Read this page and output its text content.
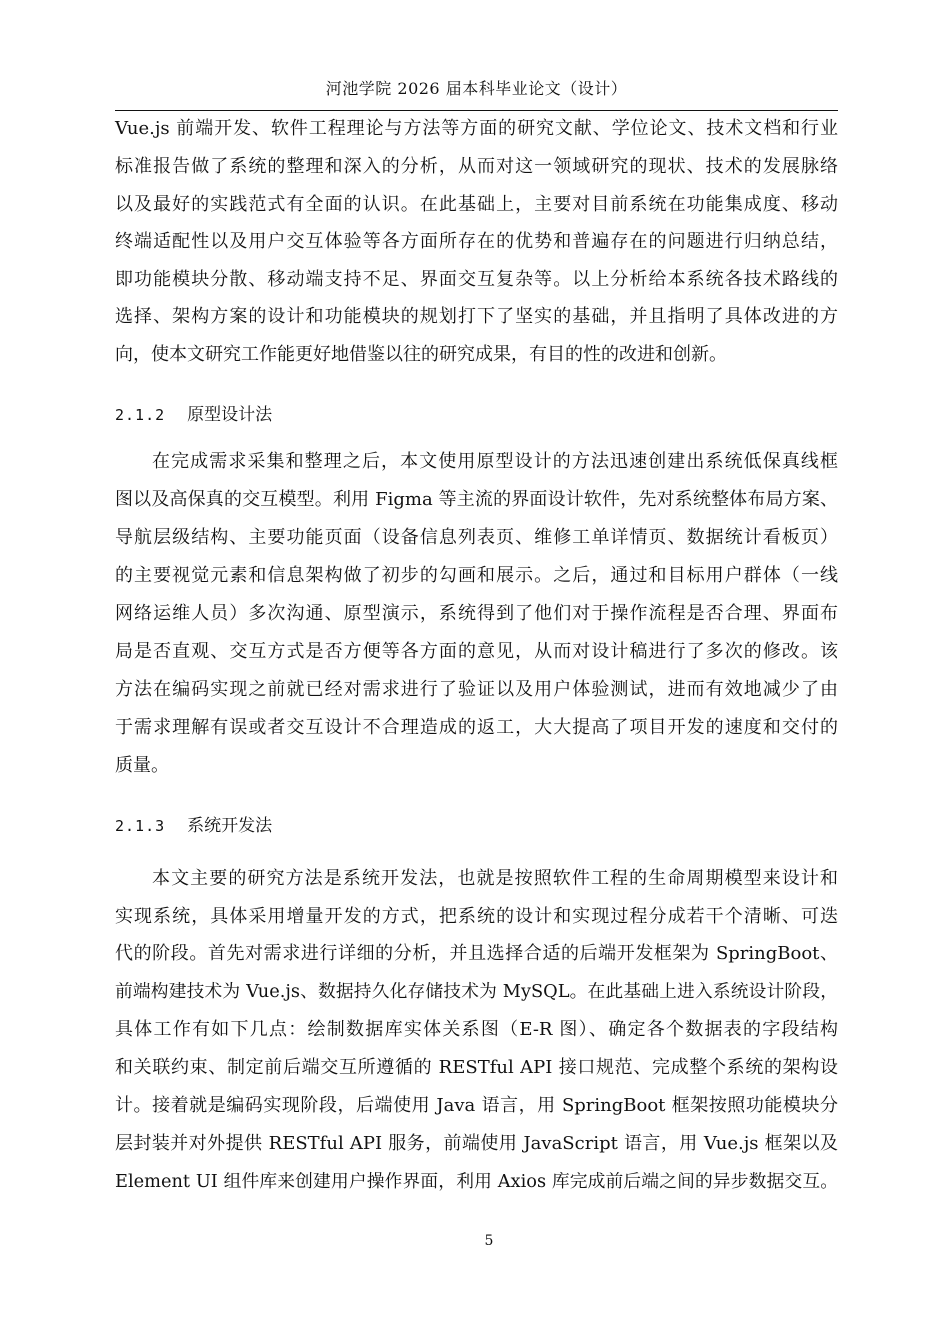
河池学院 2026 届本科毕业论文（设计）
Vue.js 前端开发、软件工程理论与方法等方面的研究文献、学位论文、技术文档和行业
标准报告做了系统的整理和深入的分析，从而对这一领域研究的现状、技术的发展脉络
以及最好的实践范式有全面的认识。在此基础上，主要对目前系统在功能集成度、移动
终端适配性以及用户交互体验等各方面所存在的优势和普遍存在的问题进行归纳总结，
即功能模块分散、移动端支持不足、界面交互复杂等。以上分析给本系统各技术路线的
选择、架构方案的设计和功能模块的规划打下了坚实的基础，并且指明了具体改进的方
向，使本文研究工作能更好地借鉴以往的研究成果，有目的性的改进和创新。
2.1.2 原型设计法
在完成需求采集和整理之后，本文使用原型设计的方法迅速创建出系统低保真线框
图以及高保真的交互模型。利用 Figma 等主流的界面设计软件，先对系统整体布局方案、
导航层级结构、主要功能页面（设备信息列表页、维修工单详情页、数据统计看板页）
的主要视觉元素和信息架构做了初步的勾画和展示。之后，通过和目标用户群体（一线
网络运维人员）多次沟通、原型演示，系统得到了他们对于操作流程是否合理、界面布
局是否直观、交互方式是否方便等各方面的意见，从而对设计稿进行了多次的修改。该
方法在编码实现之前就已经对需求进行了验证以及用户体验测试，进而有效地减少了由
于需求理解有误或者交互设计不合理造成的返工，大大提高了项目开发的速度和交付的
质量。
2.1.3 系统开发法
本文主要的研究方法是系统开发法，也就是按照软件工程的生命周期模型来设计和
实现系统，具体采用增量开发的方式，把系统的设计和实现过程分成若干个清晰、可迭
代的阶段。首先对需求进行详细的分析，并且选择合适的后端开发框架为 SpringBoot、
前端构建技术为 Vue.js、数据持久化存储技术为 MySQL。在此基础上进入系统设计阶段，
具体工作有如下几点：绘制数据库实体关系图（E-R 图）、确定各个数据表的字段结构
和关联约束、制定前后端交互所遵循的 RESTful API 接口规范、完成整个系统的架构设
计。接着就是编码实现阶段，后端使用 Java 语言，用 SpringBoot 框架按照功能模块分
层封装并对外提供 RESTful API 服务，前端使用 JavaScript 语言，用 Vue.js 框架以及
Element UI 组件库来创建用户操作界面，利用 Axios 库完成前后端之间的异步数据交互。
5
